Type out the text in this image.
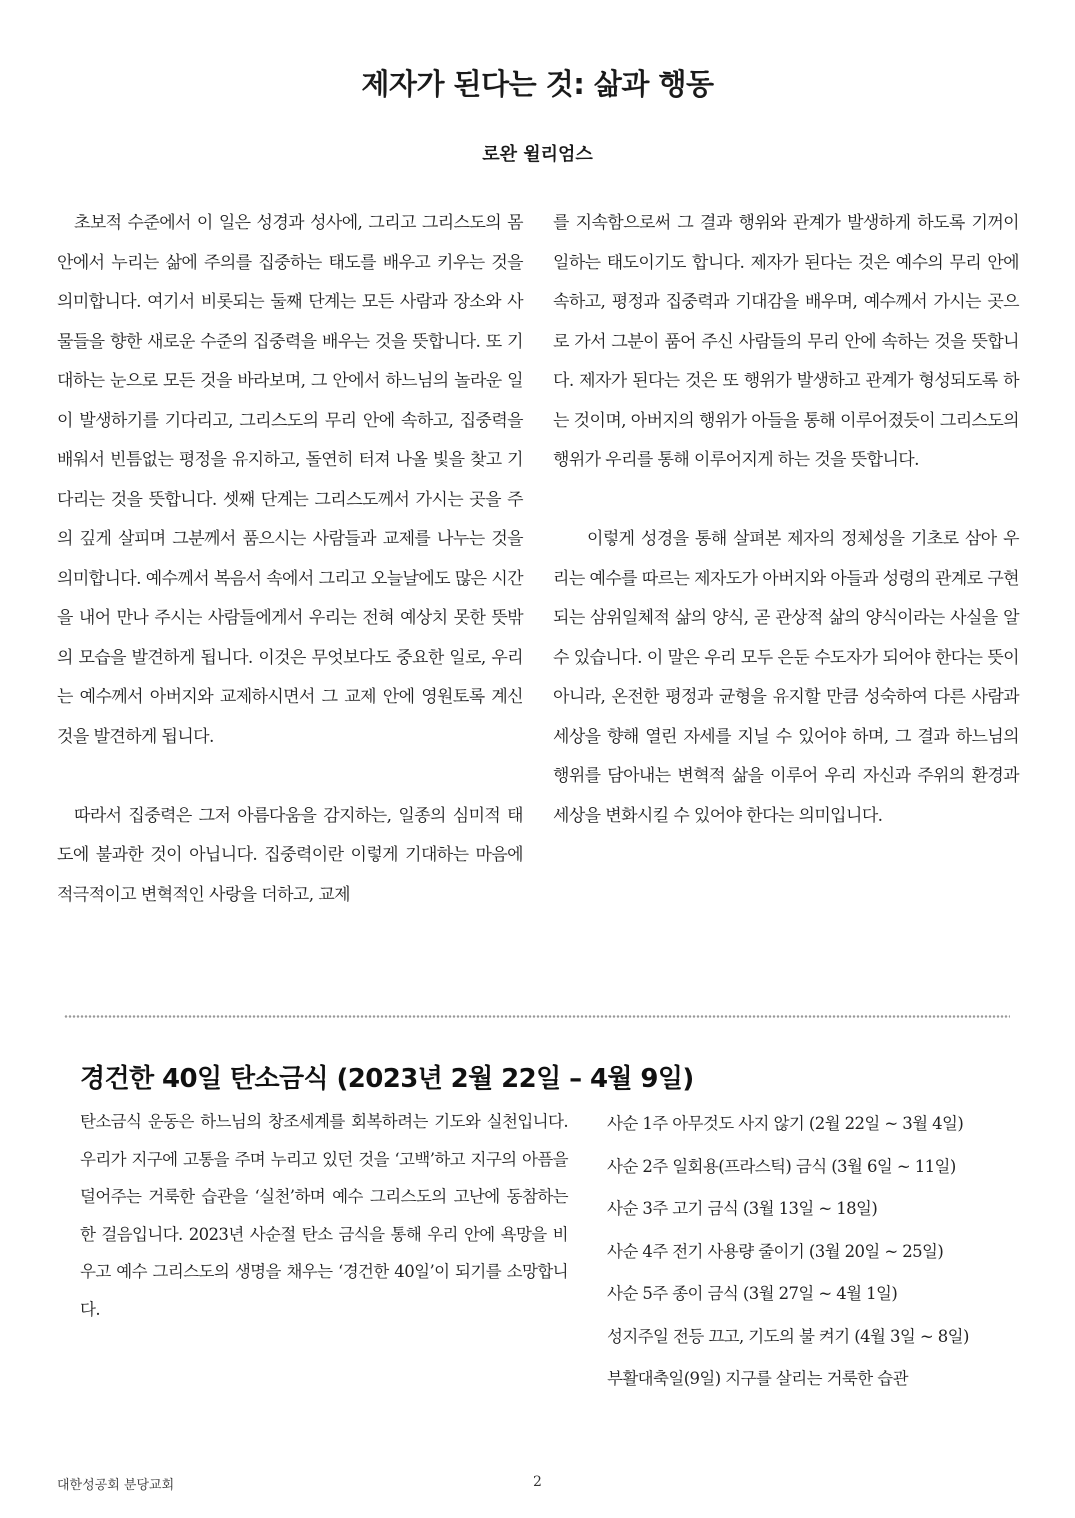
제자가 된다는 것: 삶과 행동
로완 윌리엄스

초보적 수준에서 이 일은 성경과 성사에, 그리고 그리스도의 몸 안에서 누리는 삶에 주의를 집중하는 태도를 배우고 키우는 것을 의미합니다. 여기서 비롯되는 둘째 단계는 모든 사람과 장소와 사물들을 향한 새로운 수준의 집중력을 배우는 것을 뜻합니다. 또 기대하는 눈으로 모든 것을 바라보며, 그 안에서 하느님의 놀라운 일이 발생하기를 기다리고, 그리스도의 무리 안에 속하고, 집중력을 배워서 빈틈없는 평정을 유지하고, 돌연히 터져 나올 빛을 찾고 기다리는 것을 뜻합니다. 셋째 단계는 그리스도께서 가시는 곳을 주의 깊게 살피며 그분께서 품으시는 사람들과 교제를 나누는 것을 의미합니다. 예수께서 복음서 속에서 그리고 오늘날에도 많은 시간을 내어 만나 주시는 사람들에게서 우리는 전혀 예상치 못한 뜻밖의 모습을 발견하게 됩니다. 이것은 무엇보다도 중요한 일로, 우리는 예수께서 아버지와 교제하시면서 그 교제 안에 영원토록 계신 것을 발견하게 됩니다.

따라서 집중력은 그저 아름다움을 감지하는, 일종의 심미적 태도에 불과한 것이 아닙니다. 집중력이란 이렇게 기대하는 마음에 적극적이고 변혁적인 사랑을 더하고, 교제

를 지속함으로써 그 결과 행위와 관계가 발생하게 하도록 기꺼이 일하는 태도이기도 합니다. 제자가 된다는 것은 예수의 무리 안에 속하고, 평정과 집중력과 기대감을 배우며, 예수께서 가시는 곳으로 가서 그분이 품어 주신 사람들의 무리 안에 속하는 것을 뜻합니다. 제자가 된다는 것은 또 행위가 발생하고 관계가 형성되도록 하는 것이며, 아버지의 행위가 아들을 통해 이루어졌듯이 그리스도의 행위가 우리를 통해 이루어지게 하는 것을 뜻합니다.

이렇게 성경을 통해 살펴본 제자의 정체성을 기초로 삼아 우리는 예수를 따르는 제자도가 아버지와 아들과 성령의 관계로 구현되는 삼위일체적 삶의 양식, 곧 관상적 삶의 양식이라는 사실을 알 수 있습니다. 이 말은 우리 모두 은둔 수도자가 되어야 한다는 뜻이 아니라, 온전한 평정과 균형을 유지할 만큼 성숙하여 다른 사람과 세상을 향해 열린 자세를 지닐 수 있어야 하며, 그 결과 하느님의 행위를 담아내는 변혁적 삶을 이루어 우리 자신과 주위의 환경과 세상을 변화시킬 수 있어야 한다는 의미입니다.

경건한 40일 탄소금식 (2023년 2월 22일 – 4월 9일)

탄소금식 운동은 하느님의 창조세계를 회복하려는 기도와 실천입니다. 우리가 지구에 고통을 주며 누리고 있던 것을 ‘고백’하고 지구의 아픔을 덜어주는 거룩한 습관을 ‘실천’하며 예수 그리스도의 고난에 동참하는 한 걸음입니다. 2023년 사순절 탄소 금식을 통해 우리 안에 욕망을 비우고 예수 그리스도의 생명을 채우는 ‘경건한 40일’이 되기를 소망합니다.

사순 1주 아무것도 사지 않기 (2월 22일 ~ 3월 4일)
사순 2주 일회용(프라스틱) 금식 (3월 6일 ~ 11일)
사순 3주 고기 금식 (3월 13일 ~ 18일)
사순 4주 전기 사용량 줄이기 (3월 20일 ~ 25일)
사순 5주 종이 금식 (3월 27일 ~ 4월 1일)
성지주일 전등 끄고, 기도의 불 켜기 (4월 3일 ~ 8일)
부활대축일(9일) 지구를 살리는 거룩한 습관
대한성공회 분당교회	2
